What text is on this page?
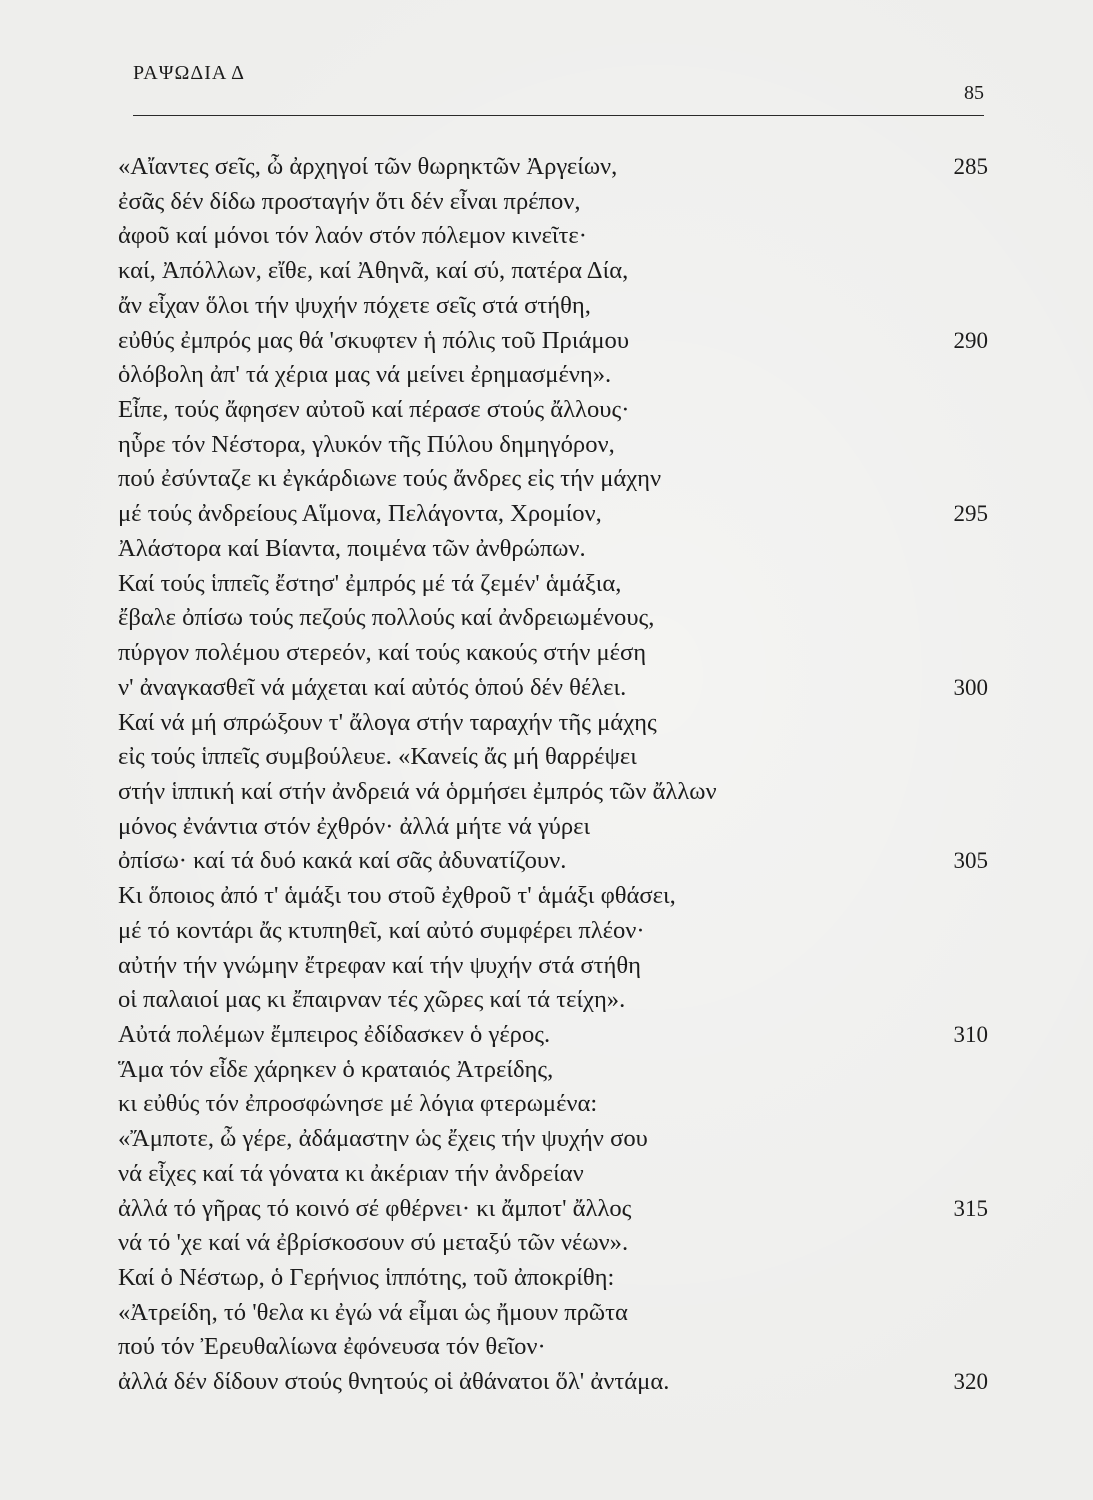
ΡΑΨΩΔΙΑ Δ
85
«Αἴαντες σεῖς, ὦ ἀρχηγοί τῶν θωρηκτῶν Ἀργείων,	285
ἐσᾶς δέν δίδω προσταγήν ὅτι δέν εἶναι πρέπον,
ἀφοῦ καί μόνοι τόν λαόν στόν πόλεμον κινεῖτε·
καί, Ἀπόλλων, εἴθε, καί Ἀθηνᾶ, καί σύ, πατέρα Δία,
ἄν εἶχαν ὅλοι τήν ψυχήν πόχετε σεῖς στά στήθη,
εὐθύς ἐμπρός μας θά 'σκυφτεν ἡ πόλις τοῦ Πριάμου	290
ὁλόβολη ἀπ' τά χέρια μας νά μείνει ἐρημασμένη».
Εἶπε, τούς ἄφησεν αὐτοῦ καί πέρασε στούς ἄλλους·
ηὗρε τόν Νέστορα, γλυκόν τῆς Πύλου δημηγόρον,
πού ἐσύνταζε κι ἐγκάρδιωνε τούς ἄνδρες εἰς τήν μάχην
μέ τούς ἀνδρείους Αἵμονα, Πελάγοντα, Χρομίον,	295
Ἀλάστορα καί Βίαντα, ποιμένα τῶν ἀνθρώπων.
Καί τούς ἱππεῖς ἔστησ' ἐμπρός μέ τά ζεμέν' ἁμάξια,
ἔβαλε ὀπίσω τούς πεζούς πολλούς καί ἀνδρειωμένους,
πύργον πολέμου στερεόν, καί τούς κακούς στήν μέση
ν' ἀναγκασθεῖ νά μάχεται καί αὐτός ὁπού δέν θέλει.	300
Καί νά μή σπρώξουν τ' ἄλογα στήν ταραχήν τῆς μάχης
εἰς τούς ἱππεῖς συμβούλευε. «Κανείς ἄς μή θαρρέψει
στήν ἱππική καί στήν ἀνδρειά νά ὁρμήσει ἐμπρός τῶν ἄλλων
μόνος ἐνάντια στόν ἐχθρόν· ἀλλά μήτε νά γύρει
ὀπίσω· καί τά δυό κακά καί σᾶς ἀδυνατίζουν.	305
Κι ὅποιος ἀπό τ' ἁμάξι του στοῦ ἐχθροῦ τ' ἁμάξι φθάσει,
μέ τό κοντάρι ἄς κτυπηθεῖ, καί αὐτό συμφέρει πλέον·
αὐτήν τήν γνώμην ἔτρεφαν καί τήν ψυχήν στά στήθη
οἱ παλαιοί μας κι ἔπαιρναν τές χῶρες καί τά τείχη».
Αὐτά πολέμων ἔμπειρος ἐδίδασκεν ὁ γέρος.	310
Ἅμα τόν εἶδε χάρηκεν ὁ κραταιός Ἀτρείδης,
κι εὐθύς τόν ἐπροσφώνησε μέ λόγια φτερωμένα:
«Ἄμποτε, ὦ γέρε, ἀδάμαστην ὡς ἔχεις τήν ψυχήν σου
νά εἶχες καί τά γόνατα κι ἀκέριαν τήν ἀνδρείαν
ἀλλά τό γῆρας τό κοινό σέ φθέρνει· κι ἄμποτ' ἄλλος	315
νά τό 'χε καί νά ἐβρίσκοσουν σύ μεταξύ τῶν νέων».
Καί ὁ Νέστωρ, ὁ Γερήνιος ἱππότης, τοῦ ἀποκρίθη:
«Ἀτρείδη, τό 'θελα κι ἐγώ νά εἶμαι ὡς ἤμουν πρῶτα
πού τόν Ἐρευθαλίωνα ἐφόνευσα τόν θεῖον·
ἀλλά δέν δίδουν στούς θνητούς οἱ ἀθάνατοι ὅλ' ἀντάμα.	320
